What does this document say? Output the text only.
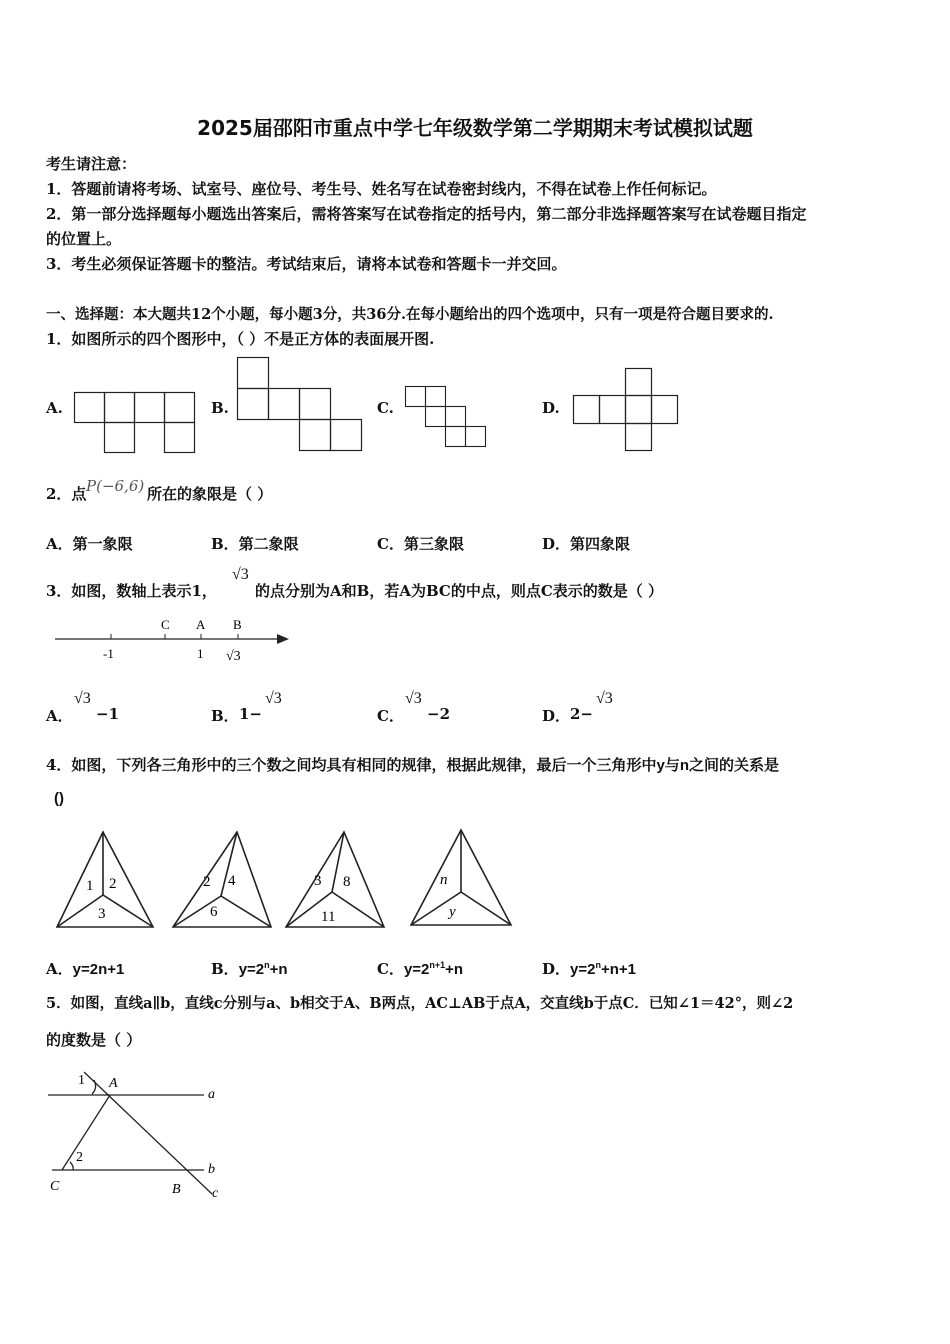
2025届邵阳市重点中学七年级数学第二学期期末考试模拟试题
考生请注意：
1．答题前请将考场、试室号、座位号、考生号、姓名写在试卷密封线内，不得在试卷上作任何标记。
2．第一部分选择题每小题选出答案后，需将答案写在试卷指定的括号内，第二部分非选择题答案写在试卷题目指定
的位置上。
3．考生必须保证答题卡的整洁。考试结束后，请将本试卷和答题卡一并交回。
一、选择题：本大题共12个小题，每小题3分，共36分.在每小题给出的四个选项中，只有一项是符合题目要求的.
1．如图所示的四个图形中，（ ）不是正方体的表面展开图.
A.	B.	C.	D.
2．点 P(−6,6) 所在的象限是（ ）
A．第一象限	B．第二象限	C．第三象限	D．第四象限
3．如图，数轴上表示1，
√3
的点分别为A和B，若A为BC的中点，则点C表示的数是（ ）
C A B
-1	1 √3
A．
√3
−1	B． 1−
√3
C．
√3
−2	D． 2−
√3
4．如图，下列各三角形中的三个数之间均具有相同的规律，根据此规律，最后一个三角形中y与n之间的关系是
()
1 2
3
2 4
6
3 8
11
n
y
A．y=2n+1	B．$y=2^n+n$	C．$y=2^{n+1}+n$	D．$y=2^n+n+1$
5．如图，直线a∥b，直线c分别与a、b相交于A、B两点，AC⊥AB于点A，交直线b于点C．已知∠1＝42°，则∠2
的度数是（ ）
1 A
a
2
b
C	B c
